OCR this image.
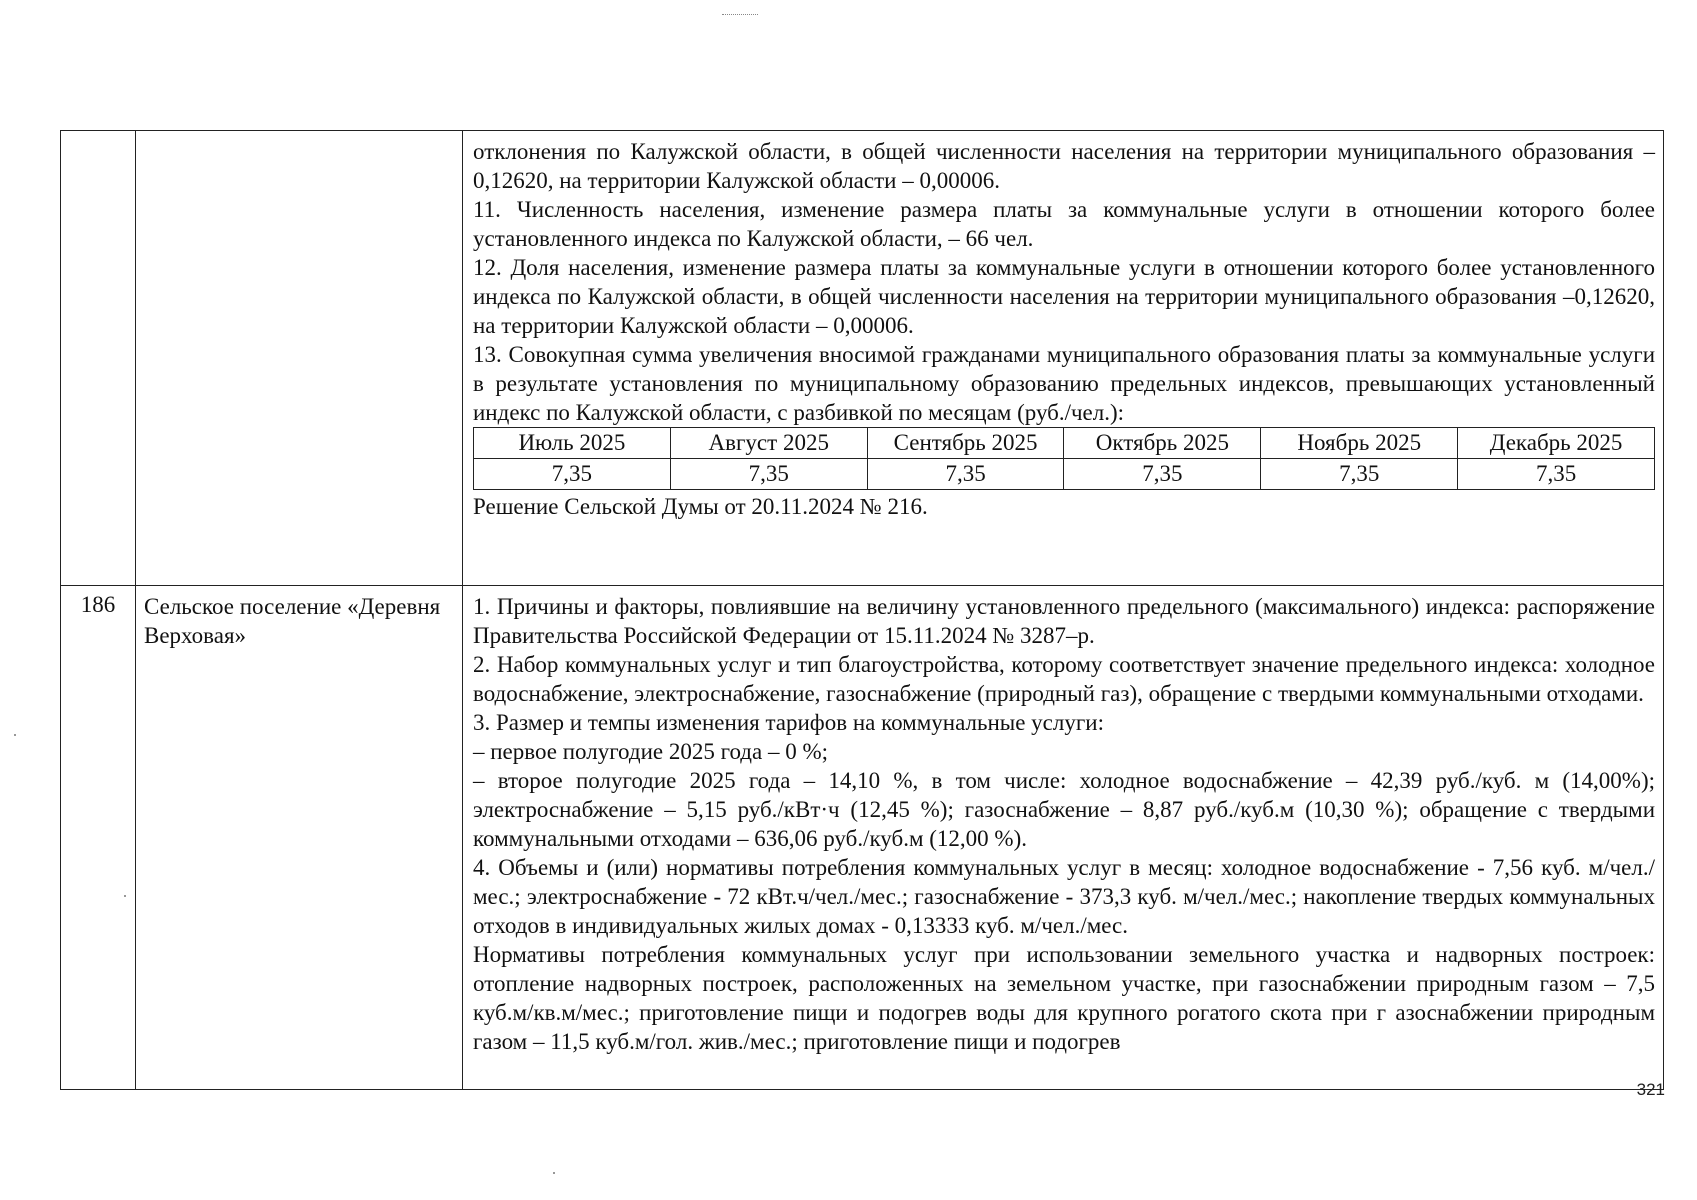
отклонения по Калужской области, в общей численности населения на территории муниципального образования – 0,12620, на территории Калужской области – 0,00006.

11. Численность населения, изменение размера платы за коммунальные услуги в отношении которого более установленного индекса по Калужской области, – 66 чел.

12. Доля населения, изменение размера платы за коммунальные услуги в отношении которого более установленного индекса по Калужской области, в общей численности населения на территории муниципального образования –0,12620, на территории Калужской области – 0,00006.

13. Совокупная сумма увеличения вносимой гражданами муниципального образования платы за коммунальные услуги в результате установления по муниципальному образованию предельных индексов, превышающих установленный индекс по Калужской области, с разбивкой по месяцам (руб./чел.):

Июль 2025	Август 2025	Сентябрь 2025	Октябрь 2025	Ноябрь 2025	Декабрь 2025
7,35	7,35	7,35	7,35	7,35	7,35

Решение Сельской Думы от 20.11.2024 № 216.

186	Сельское поселение «Деревня Верховая»	

1. Причины и факторы, повлиявшие на величину установленного предельного (максимального) индекса: распоряжение Правительства Российской Федерации от 15.11.2024 № 3287–р.

2. Набор коммунальных услуг и тип благоустройства, которому соответствует значение предельного индекса: холодное водоснабжение, электроснабжение, газоснабжение (природный газ), обращение с твердыми коммунальными отходами.

3. Размер и темпы изменения тарифов на коммунальные услуги:

– первое полугодие 2025 года – 0 %;

– второе полугодие 2025 года – 14,10 %, в том числе: холодное водоснабжение – 42,39 руб./куб. м (14,00%); электроснабжение – 5,15 руб./кВт·ч (12,45 %); газоснабжение – 8,87 руб./куб.м (10,30 %); обращение с твердыми коммунальными отходами – 636,06 руб./куб.м (12,00 %).

4. Объемы и (или) нормативы потребления коммунальных услуг в месяц: холодное водоснабжение - 7,56 куб. м/чел./мес.; электроснабжение - 72 кВт.ч/чел./мес.; газоснабжение - 373,3 куб. м/чел./мес.; накопление твердых коммунальных отходов в индивидуальных жилых домах - 0,13333 куб. м/чел./мес.

Нормативы потребления коммунальных услуг при использовании земельного участка и надворных построек: отопление надворных построек, расположенных на земельном участке, при газоснабжении природным газом – 7,5 куб.м/кв.м/мес.; приготовление пищи и подогрев воды для крупного рогатого скота при г азоснабжении природным газом – 11,5 куб.м/гол. жив./мес.; приготовление пищи и подогрев

321
